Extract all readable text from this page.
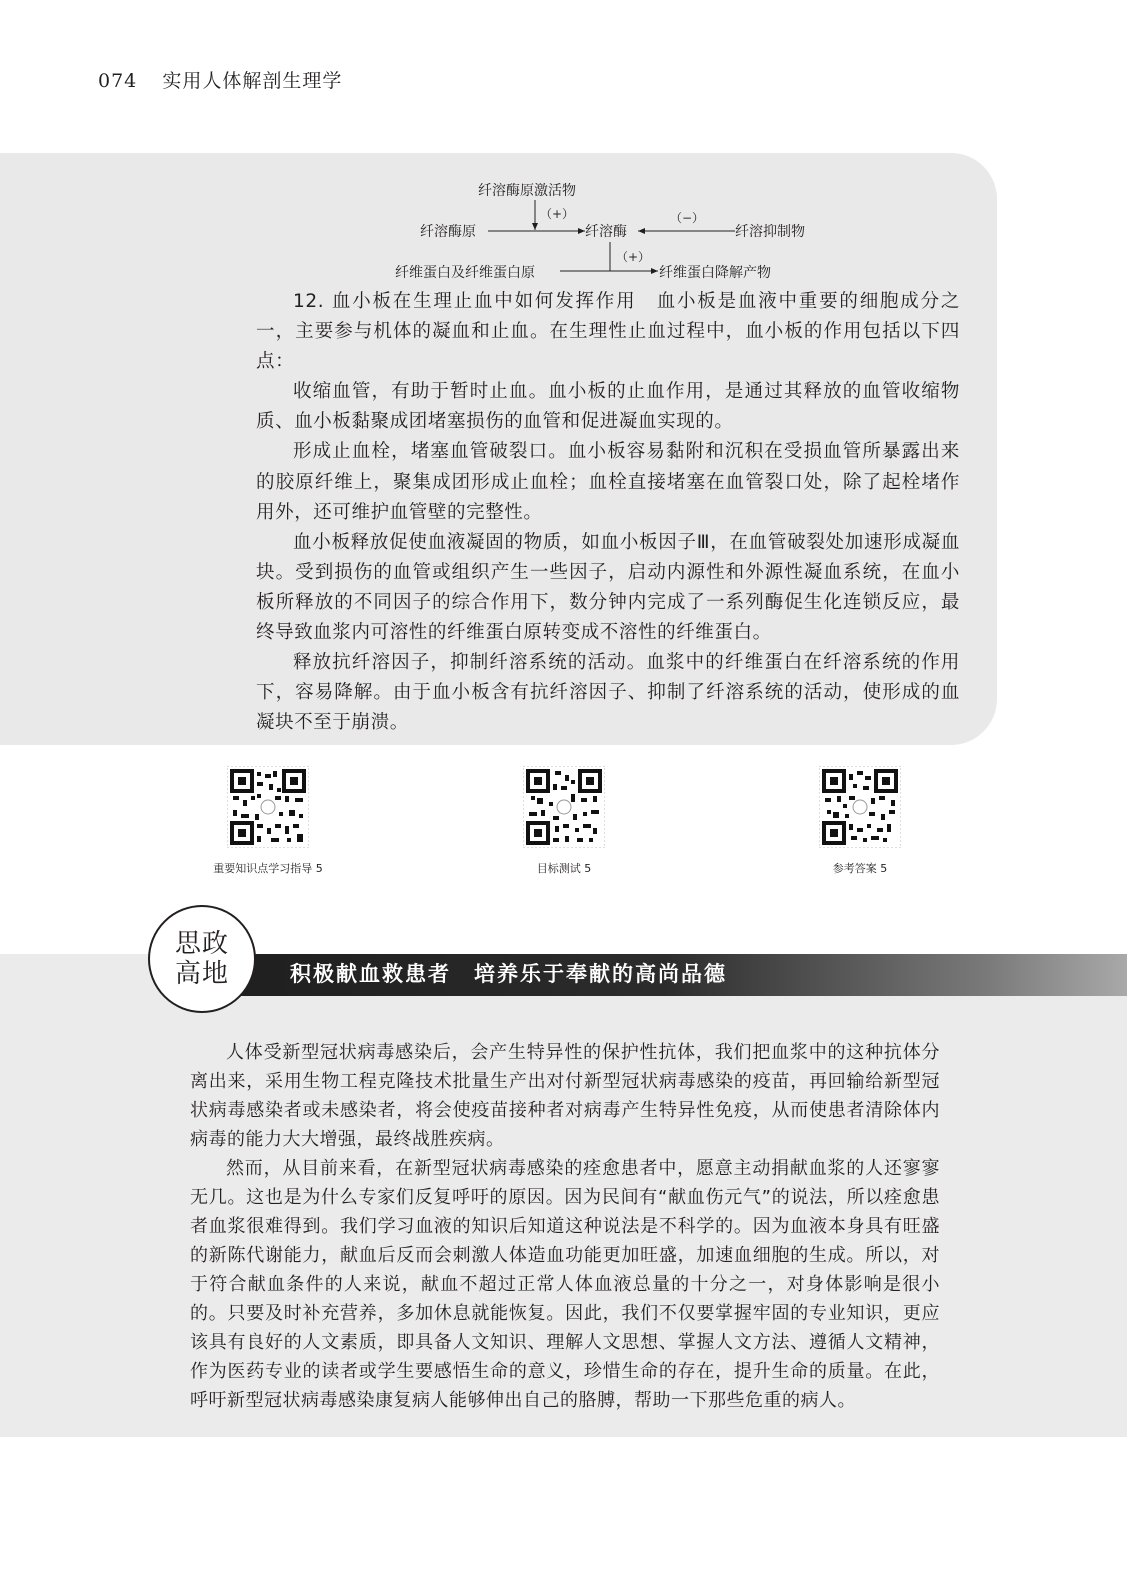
074 实用人体解剖生理学
纤溶酶原激活物
（+）
纤溶酶原	纤溶酶
（−）
纤溶抑制物
（+）
纤维蛋白及纤维蛋白原	纤维蛋白降解产物

12. 血小板在生理止血中如何发挥作用　血小板是血液中重要的细胞成分之一，主要参与机体的凝血和止血。在生理性止血过程中，血小板的作用包括以下四点：

收缩血管，有助于暂时止血。血小板的止血作用，是通过其释放的血管收缩物质、血小板黏聚成团堵塞损伤的血管和促进凝血实现的。

形成止血栓，堵塞血管破裂口。血小板容易黏附和沉积在受损血管所暴露出来的胶原纤维上，聚集成团形成止血栓；血栓直接堵塞在血管裂口处，除了起栓堵作用外，还可维护血管壁的完整性。

血小板释放促使血液凝固的物质，如血小板因子Ⅲ，在血管破裂处加速形成凝血块。受到损伤的血管或组织产生一些因子，启动内源性和外源性凝血系统，在血小板所释放的不同因子的综合作用下，数分钟内完成了一系列酶促生化连锁反应，最终导致血浆内可溶性的纤维蛋白原转变成不溶性的纤维蛋白。

释放抗纤溶因子，抑制纤溶系统的活动。血浆中的纤维蛋白在纤溶系统的作用下，容易降解。由于血小板含有抗纤溶因子、抑制了纤溶系统的活动，使形成的血凝块不至于崩溃。

重要知识点学习指导 5	目标测试 5	参考答案 5
积极献血救患者　培养乐于奉献的高尚品德
思政
高地

人体受新型冠状病毒感染后，会产生特异性的保护性抗体，我们把血浆中的这种抗体分离出来，采用生物工程克隆技术批量生产出对付新型冠状病毒感染的疫苗，再回输给新型冠状病毒感染者或未感染者，将会使疫苗接种者对病毒产生特异性免疫，从而使患者清除体内病毒的能力大大增强，最终战胜疾病。

然而，从目前来看，在新型冠状病毒感染的痊愈患者中，愿意主动捐献血浆的人还寥寥无几。这也是为什么专家们反复呼吁的原因。因为民间有“献血伤元气”的说法，所以痊愈患者血浆很难得到。我们学习血液的知识后知道这种说法是不科学的。因为血液本身具有旺盛的新陈代谢能力，献血后反而会刺激人体造血功能更加旺盛，加速血细胞的生成。所以，对于符合献血条件的人来说，献血不超过正常人体血液总量的十分之一，对身体影响是很小的。只要及时补充营养，多加休息就能恢复。因此，我们不仅要掌握牢固的专业知识，更应该具有良好的人文素质，即具备人文知识、理解人文思想、掌握人文方法、遵循人文精神，作为医药专业的读者或学生要感悟生命的意义，珍惜生命的存在，提升生命的质量。在此，呼吁新型冠状病毒感染康复病人能够伸出自己的胳膊，帮助一下那些危重的病人。
